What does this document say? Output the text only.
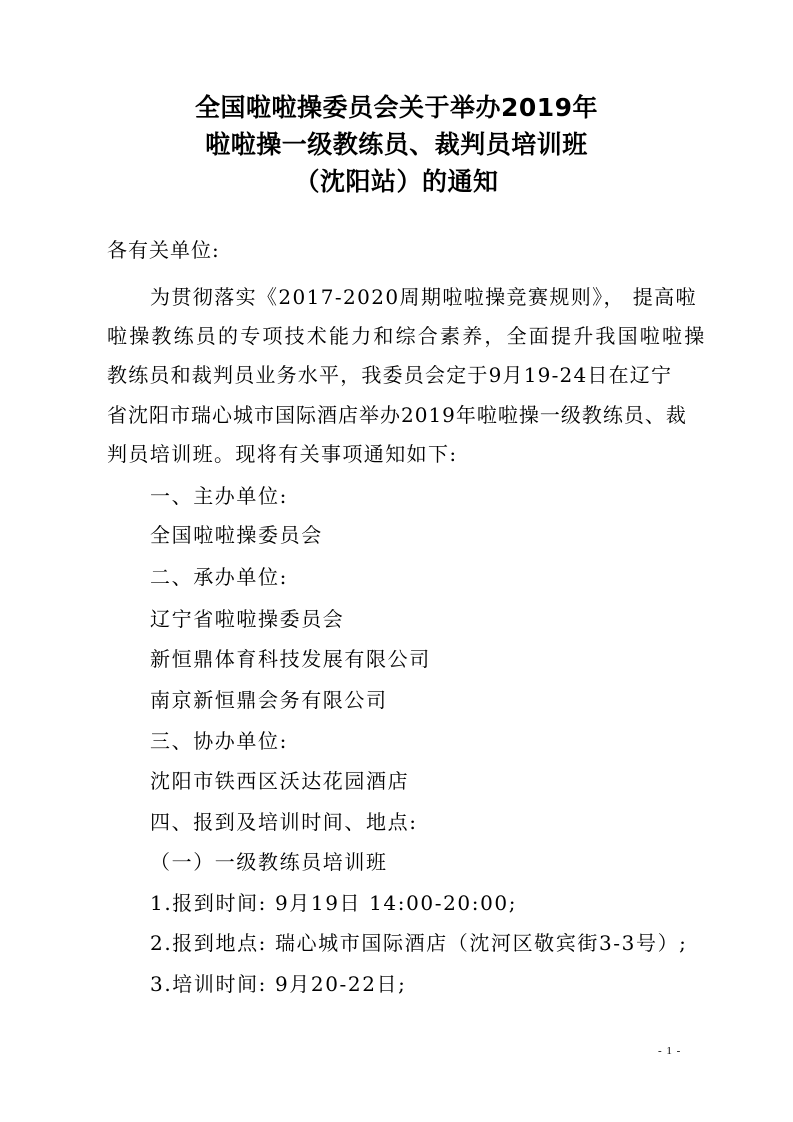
全国啦啦操委员会关于举办2019年
啦啦操一级教练员、裁判员培训班
（沈阳站）的通知
各有关单位:
为贯彻落实《2017-2020周期啦啦操竞赛规则》， 提高啦
啦操教练员的专项技术能力和综合素养，全面提升我国啦啦操
教练员和裁判员业务水平，我委员会定于9月19-24日在辽宁
省沈阳市瑞心城市国际酒店举办2019年啦啦操一级教练员、裁
判员培训班。现将有关事项通知如下:
一、主办单位:
全国啦啦操委员会
二、承办单位:
辽宁省啦啦操委员会
新恒鼎体育科技发展有限公司
南京新恒鼎会务有限公司
三、协办单位:
沈阳市铁西区沃达花园酒店
四、报到及培训时间、地点:
（一）一级教练员培训班
1.报到时间: 9月19日 14:00-20:00;
2.报到地点: 瑞心城市国际酒店（沈河区敬宾街3-3号）;
3.培训时间: 9月20-22日;
- 1 -
